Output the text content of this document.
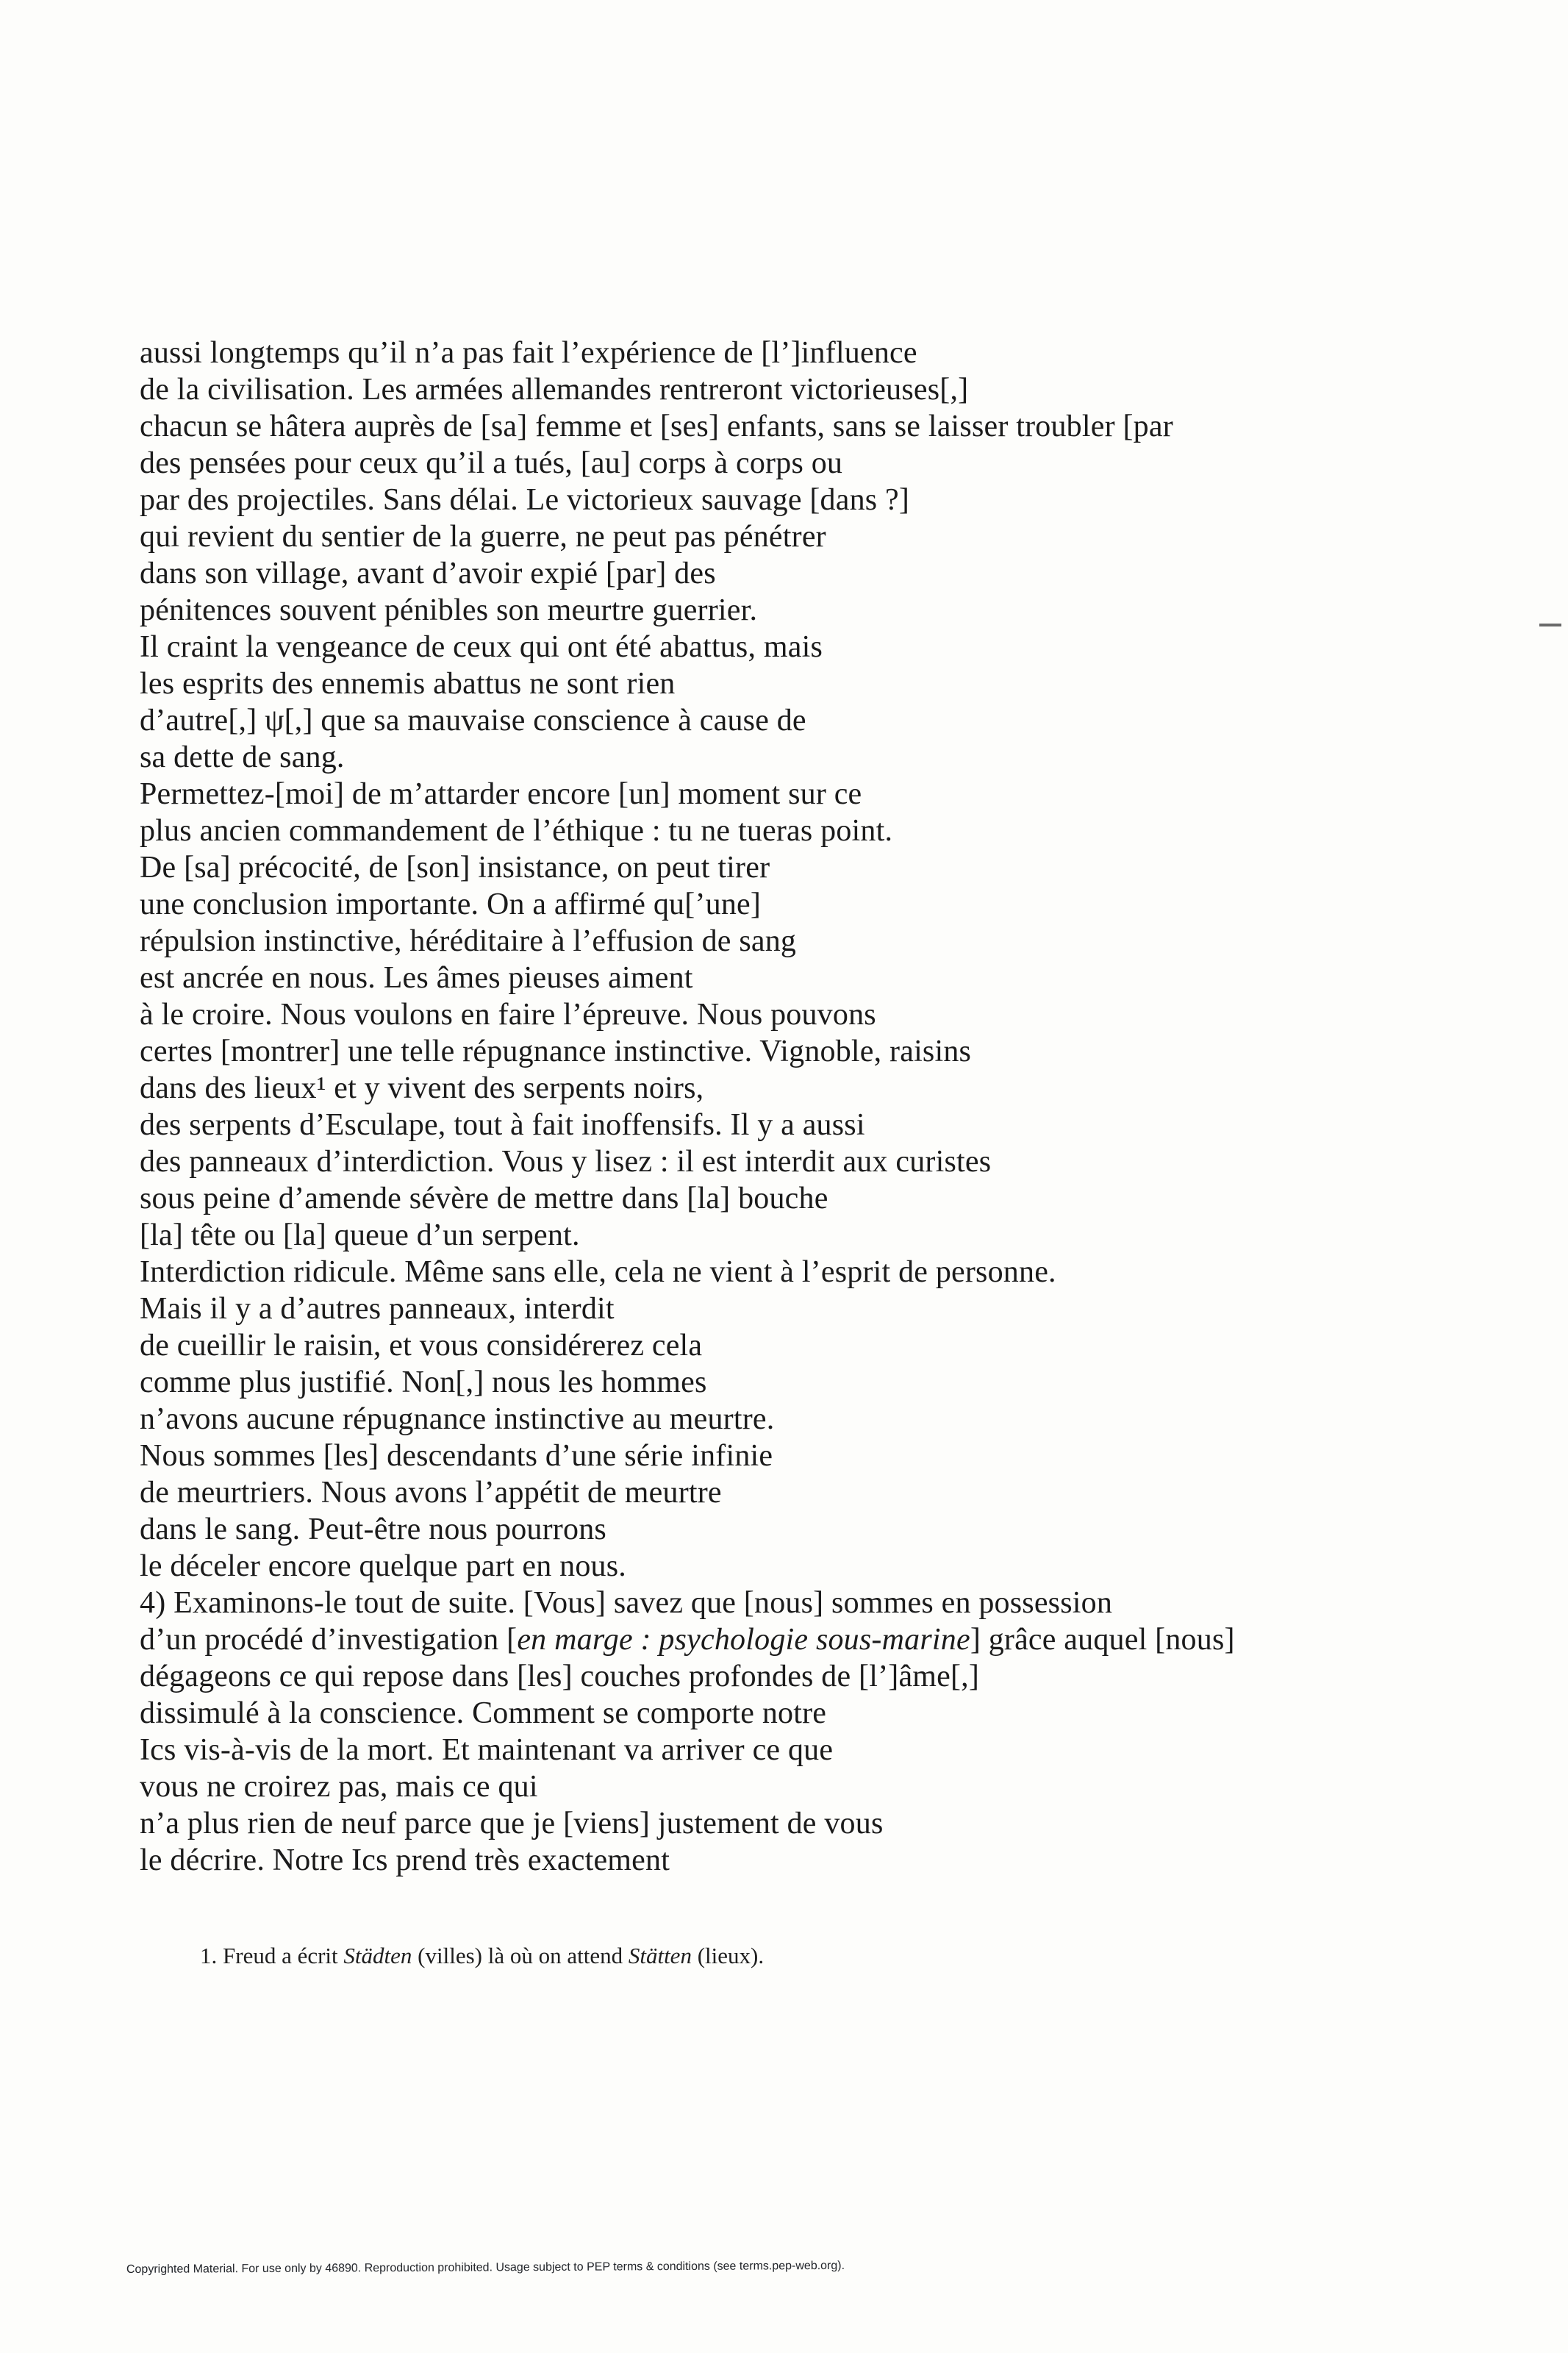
aussi longtemps qu’il n’a pas fait l’expérience de [l’]influence
de la civilisation. Les armées allemandes rentreront victorieuses[,]
chacun se hâtera auprès de [sa] femme et [ses] enfants, sans se laisser troubler [par
des pensées pour ceux qu’il a tués, [au] corps à corps ou
par des projectiles. Sans délai. Le victorieux sauvage [dans ?]
qui revient du sentier de la guerre, ne peut pas pénétrer
dans son village, avant d’avoir expié [par] des
pénitences souvent pénibles son meurtre guerrier.
Il craint la vengeance de ceux qui ont été abattus, mais
les esprits des ennemis abattus ne sont rien
d’autre[,] ψ[,] que sa mauvaise conscience à cause de
sa dette de sang.
Permettez-[moi] de m’attarder encore [un] moment sur ce
plus ancien commandement de l’éthique : tu ne tueras point.
De [sa] précocité, de [son] insistance, on peut tirer
une conclusion importante. On a affirmé qu[’une]
répulsion instinctive, héréditaire à l’effusion de sang
est ancrée en nous. Les âmes pieuses aiment
à le croire. Nous voulons en faire l’épreuve. Nous pouvons
certes [montrer] une telle répugnance instinctive. Vignoble, raisins
dans des lieux¹ et y vivent des serpents noirs,
des serpents d’Esculape, tout à fait inoffensifs. Il y a aussi
des panneaux d’interdiction. Vous y lisez : il est interdit aux curistes
sous peine d’amende sévère de mettre dans [la] bouche
[la] tête ou [la] queue d’un serpent.
Interdiction ridicule. Même sans elle, cela ne vient à l’esprit de personne.
Mais il y a d’autres panneaux, interdit
de cueillir le raisin, et vous considérerez cela
comme plus justifié. Non[,] nous les hommes
n’avons aucune répugnance instinctive au meurtre.
Nous sommes [les] descendants d’une série infinie
de meurtriers. Nous avons l’appétit de meurtre
dans le sang. Peut-être nous pourrons
le déceler encore quelque part en nous.
4) Examinons-le tout de suite. [Vous] savez que [nous] sommes en possession
d’un procédé d’investigation [en marge : psychologie sous-marine] grâce auquel [nous]
dégageons ce qui repose dans [les] couches profondes de [l’]âme[,]
dissimulé à la conscience. Comment se comporte notre
Ics vis-à-vis de la mort. Et maintenant va arriver ce que
vous ne croirez pas, mais ce qui
n’a plus rien de neuf parce que je [viens] justement de vous
le décrire. Notre Ics prend très exactement
1. Freud a écrit Städten (villes) là où on attend Stätten (lieux).
Copyrighted Material. For use only by 46890. Reproduction prohibited. Usage subject to PEP terms & conditions (see terms.pep-web.org).
